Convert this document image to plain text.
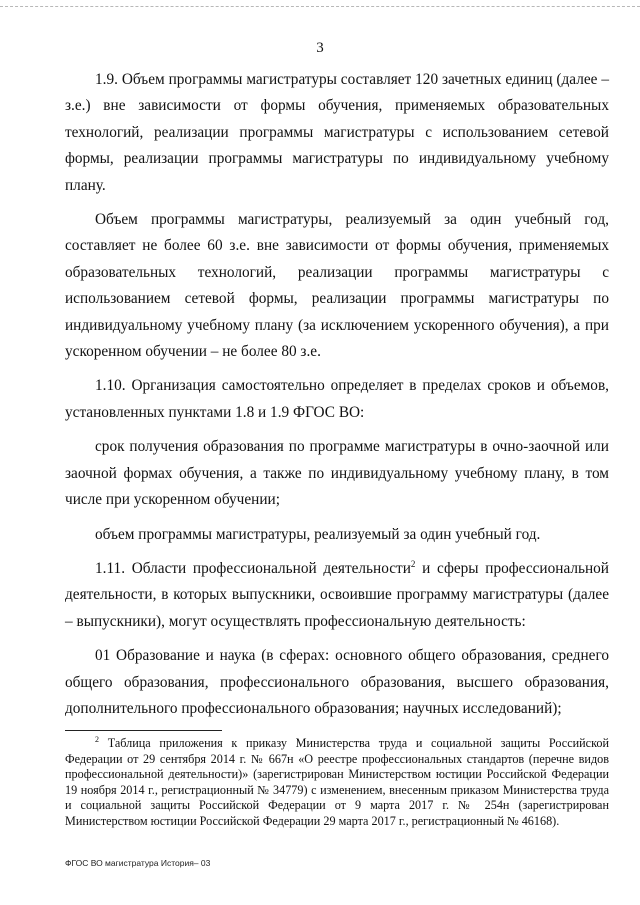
3

1.9. Объем программы магистратуры составляет 120 зачетных единиц (далее – з.е.) вне зависимости от формы обучения, применяемых образовательных технологий, реализации программы магистратуры с использованием сетевой формы, реализации программы магистратуры по индивидуальному учебному плану.

Объем программы магистратуры, реализуемый за один учебный год, составляет не более 60 з.е. вне зависимости от формы обучения, применяемых образовательных технологий, реализации программы магистратуры с использованием сетевой формы, реализации программы магистратуры по индивидуальному учебному плану (за исключением ускоренного обучения), а при ускоренном обучении – не более 80 з.е.

1.10. Организация самостоятельно определяет в пределах сроков и объемов, установленных пунктами 1.8 и 1.9 ФГОС ВО:

срок получения образования по программе магистратуры в очно-заочной или заочной формах обучения, а также по индивидуальному учебному плану, в том числе при ускоренном обучении;

объем программы магистратуры, реализуемый за один учебный год.

1.11. Области профессиональной деятельности$^2$ и сферы профессиональной деятельности, в которых выпускники, освоившие программу магистратуры (далее – выпускники), могут осуществлять профессиональную деятельность:

01 Образование и наука (в сферах: основного общего образования, среднего общего образования, профессионального образования, высшего образования, дополнительного профессионального образования; научных исследований);

$^2$ Таблица приложения к приказу Министерства труда и социальной защиты Российской Федерации от 29 сентября 2014 г. № 667н «О реестре профессиональных стандартов (перечне видов профессиональной деятельности)» (зарегистрирован Министерством юстиции Российской Федерации 19 ноября 2014 г., регистрационный № 34779) с изменением, внесенным приказом Министерства труда и социальной защиты Российской Федерации от 9 марта 2017 г. № 254н (зарегистрирован Министерством юстиции Российской Федерации 29 марта 2017 г., регистрационный № 46168).

ФГОС ВО магистратура История– 03
